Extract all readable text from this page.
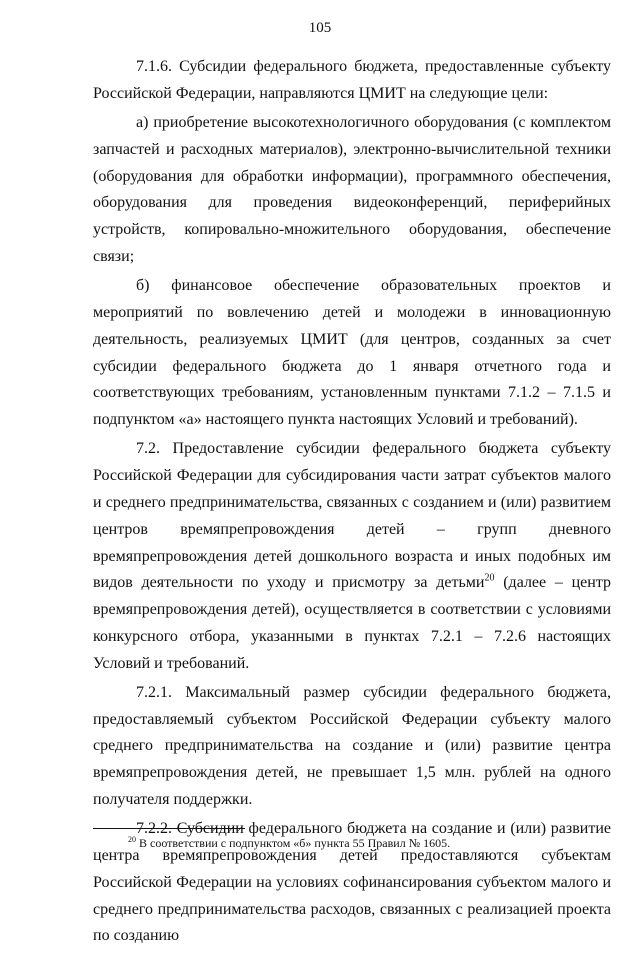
105

7.1.6. Субсидии федерального бюджета, предоставленные субъекту Российской Федерации, направляются ЦМИТ на следующие цели:

а) приобретение высокотехнологичного оборудования (с комплектом запчастей и расходных материалов), электронно-вычислительной техники (оборудования для обработки информации), программного обеспечения, оборудования для проведения видеоконференций, периферийных устройств, копировально-множительного оборудования, обеспечение связи;

б) финансовое обеспечение образовательных проектов и мероприятий по вовлечению детей и молодежи в инновационную деятельность, реализуемых ЦМИТ (для центров, созданных за счет субсидии федерального бюджета до 1 января отчетного года и соответствующих требованиям, установленным пунктами 7.1.2 – 7.1.5 и подпунктом «а» настоящего пункта настоящих Условий и требований).

7.2. Предоставление субсидии федерального бюджета субъекту Российской Федерации для субсидирования части затрат субъектов малого и среднего предпринимательства, связанных с созданием и (или) развитием центров времяпрепровождения детей – групп дневного времяпрепровождения детей дошкольного возраста и иных подобных им видов деятельности по уходу и присмотру за детьми$^{20}$ (далее – центр времяпрепровождения детей), осуществляется в соответствии с условиями конкурсного отбора, указанными в пунктах 7.2.1 – 7.2.6 настоящих Условий и требований.

7.2.1. Максимальный размер субсидии федерального бюджета, предоставляемый субъектом Российской Федерации субъекту малого среднего предпринимательства на создание и (или) развитие центра времяпрепровождения детей, не превышает 1,5 млн. рублей на одного получателя поддержки.

7.2.2. Субсидии федерального бюджета на создание и (или) развитие центра времяпрепровождения детей предоставляются субъектам Российской Федерации на условиях софинансирования субъектом малого и среднего предпринимательства расходов, связанных с реализацией проекта по созданию

$^{20}$ В соответствии с подпунктом «б» пункта 55 Правил № 1605.
